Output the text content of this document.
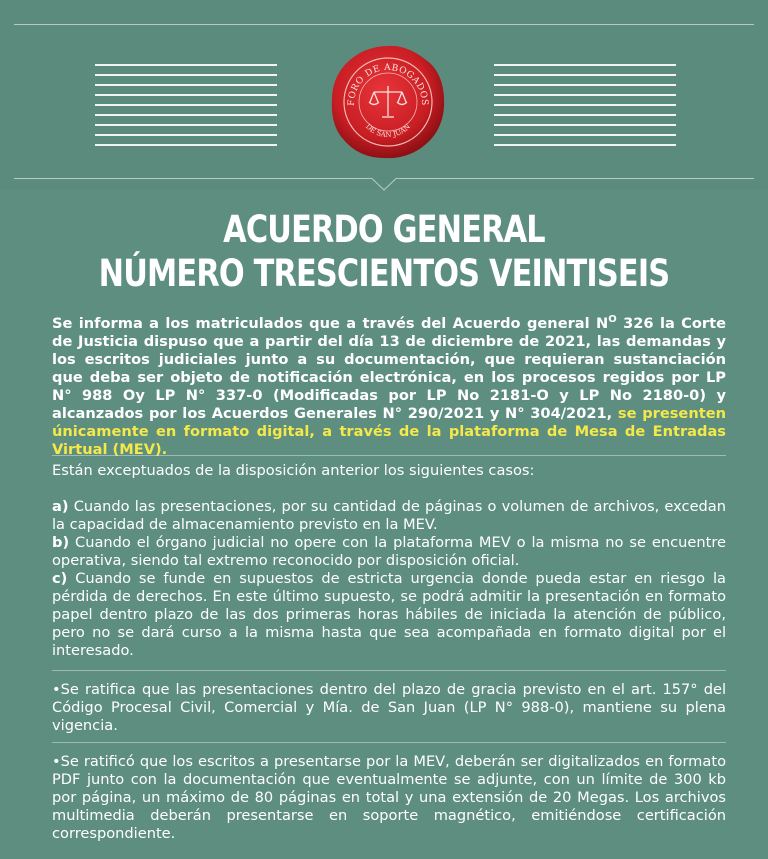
FORO DE ABOGADOS
DE SAN JUAN
ACUERDO GENERAL
NÚMERO TRESCIENTOS VEINTISEIS
Se informa a los matriculados que a través del Acuerdo general $N^O$ 326 la Corte de Justicia dispuso que a partir del día 13 de diciembre de 2021, las demandas y los escritos judiciales junto a su documentación, que requieran sustanciación que deba ser objeto de notificación electrónica, en los procesos regidos por LP N° 988 Oy LP N° 337-0 (Modificadas por LP No 2181-O y LP No 2180-0) y alcanzados por los Acuerdos Generales N° 290/2021 y N° 304/2021, se presenten únicamente en formato digital, a través de la plataforma de Mesa de Entradas Virtual (MEV).

Están exceptuados de la disposición anterior los siguientes casos:

a) Cuando las presentaciones, por su cantidad de páginas o volumen de archivos, excedan la capacidad de almacenamiento previsto en la MEV.

b) Cuando el órgano judicial no opere con la plataforma MEV o la misma no se encuentre operativa, siendo tal extremo reconocido por disposición oficial.

c) Cuando se funde en supuestos de estricta urgencia donde pueda estar en riesgo la pérdida de derechos. En este último supuesto, se podrá admitir la presentación en formato papel dentro plazo de las dos primeras horas hábiles de iniciada la atención de público, pero no se dará curso a la misma hasta que sea acompañada en formato digital por el interesado.

•Se ratifica que las presentaciones dentro del plazo de gracia previsto en el art. 157° del Código Procesal Civil, Comercial y Mía. de San Juan (LP N° 988-0), mantiene su plena vigencia.
•Se ratificó que los escritos a presentarse por la MEV, deberán ser digitalizados en formato PDF junto con la documentación que eventualmente se adjunte, con un límite de 300 kb por página, un máximo de 80 páginas en total y una extensión de 20 Megas. Los archivos multimedia deberán presentarse en soporte magnético, emitiéndose certificación correspondiente.
